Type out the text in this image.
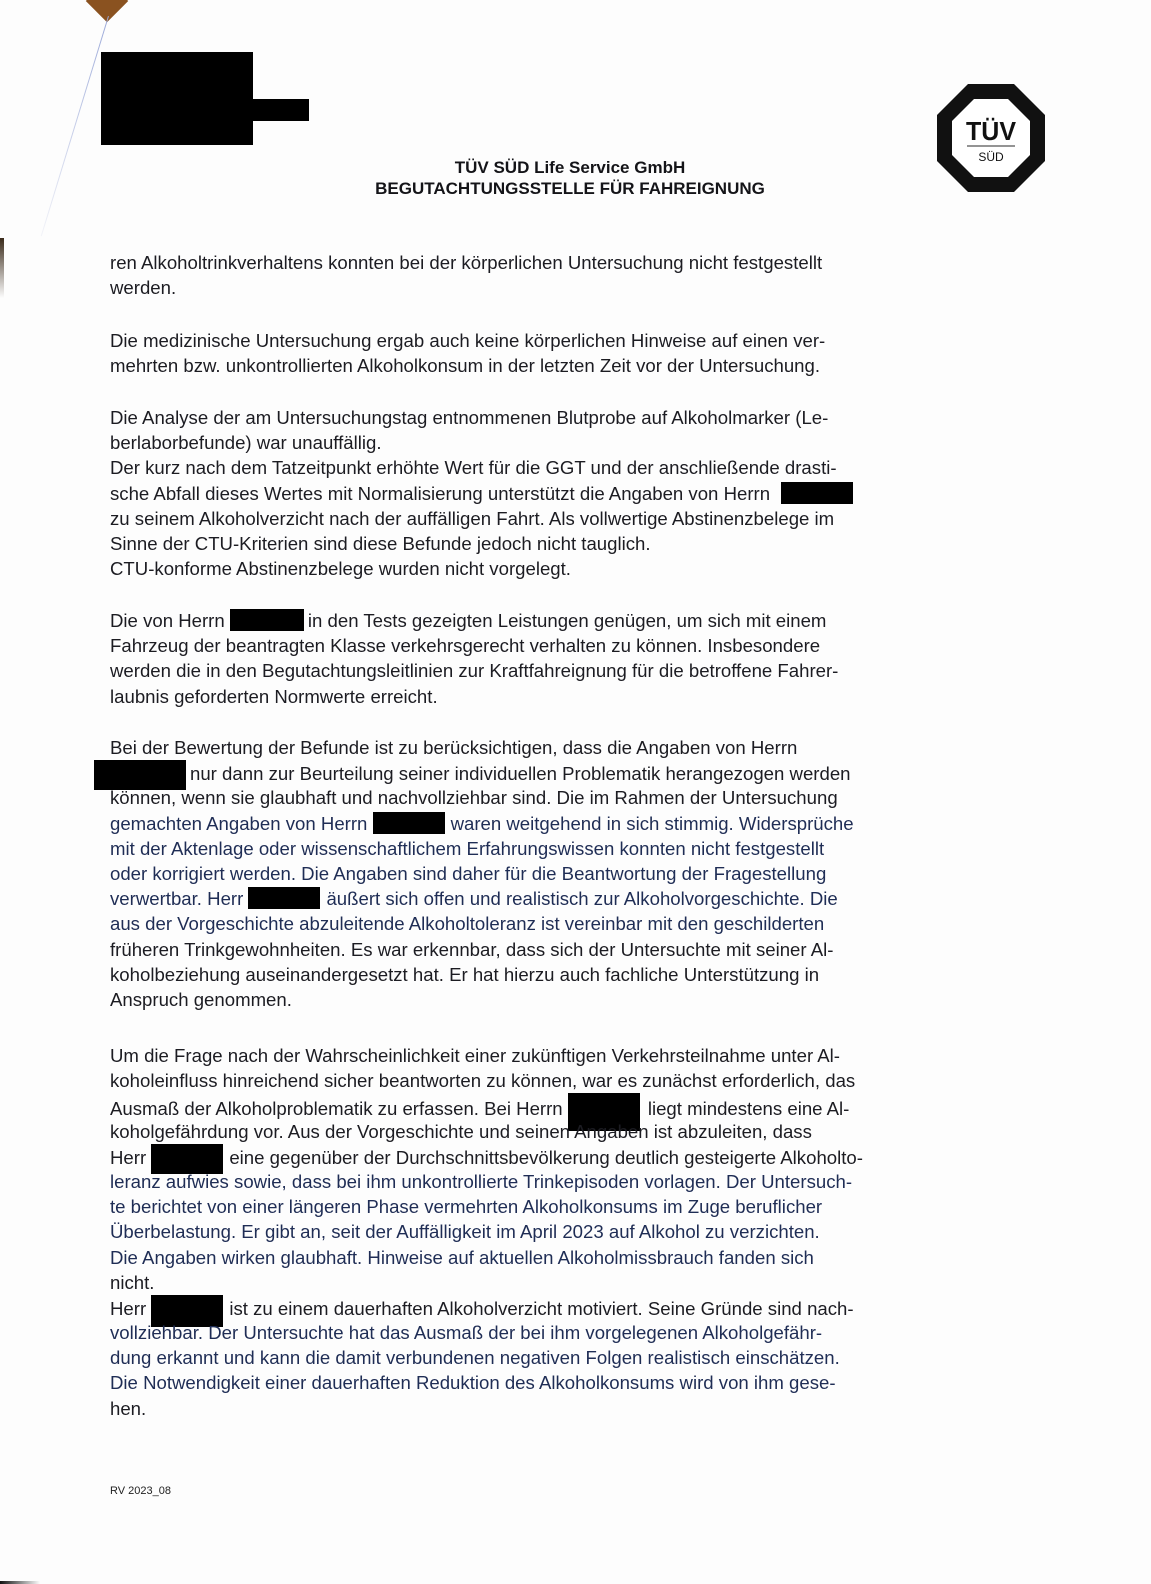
TÜV SÜD Life Service GmbH
BEGUTACHTUNGSSTELLE FÜR FAHREIGNUNG
TÜV
SÜD
ren Alkoholtrinkverhaltens konnten bei der körperlichen Untersuchung nicht festgestellt
werden.
Die medizinische Untersuchung ergab auch keine körperlichen Hinweise auf einen ver-
mehrten bzw. unkontrollierten Alkoholkonsum in der letzten Zeit vor der Untersuchung.
Die Analyse der am Untersuchungstag entnommenen Blutprobe auf Alkoholmarker (Le-
berlaborbefunde) war unauffällig.
Der kurz nach dem Tatzeitpunkt erhöhte Wert für die GGT und der anschließende drasti-
sche Abfall dieses Wertes mit Normalisierung unterstützt die Angaben von Herrn
zu seinem Alkoholverzicht nach der auffälligen Fahrt. Als vollwertige Abstinenzbelege im
Sinne der CTU-Kriterien sind diese Befunde jedoch nicht tauglich.
CTU-konforme Abstinenzbelege wurden nicht vorgelegt.
Die von Herrn	in den Tests gezeigten Leistungen genügen, um sich mit einem
Fahrzeug der beantragten Klasse verkehrsgerecht verhalten zu können. Insbesondere
werden die in den Begutachtungsleitlinien zur Kraftfahreignung für die betroffene Fahrer-
laubnis geforderten Normwerte erreicht.
Bei der Bewertung der Befunde ist zu berücksichtigen, dass die Angaben von Herrn
nur dann zur Beurteilung seiner individuellen Problematik herangezogen werden
können, wenn sie glaubhaft und nachvollziehbar sind. Die im Rahmen der Untersuchung
gemachten Angaben von Herrn	waren weitgehend in sich stimmig. Widersprüche
mit der Aktenlage oder wissenschaftlichem Erfahrungswissen konnten nicht festgestellt
oder korrigiert werden. Die Angaben sind daher für die Beantwortung der Fragestellung
verwertbar. Herr	äußert sich offen und realistisch zur Alkoholvorgeschichte. Die
aus der Vorgeschichte abzuleitende Alkoholtoleranz ist vereinbar mit den geschilderten
früheren Trinkgewohnheiten. Es war erkennbar, dass sich der Untersuchte mit seiner Al-
koholbeziehung auseinandergesetzt hat. Er hat hierzu auch fachliche Unterstützung in
Anspruch genommen.
Um die Frage nach der Wahrscheinlichkeit einer zukünftigen Verkehrsteilnahme unter Al-
koholeinfluss hinreichend sicher beantworten zu können, war es zunächst erforderlich, das
Ausmaß der Alkoholproblematik zu erfassen. Bei Herrn	liegt mindestens eine Al-
koholgefährdung vor. Aus der Vorgeschichte und seinen Angaben ist abzuleiten, dass
Herr	eine gegenüber der Durchschnittsbevölkerung deutlich gesteigerte Alkoholto-
leranz aufwies sowie, dass bei ihm unkontrollierte Trinkepisoden vorlagen. Der Untersuch-
te berichtet von einer längeren Phase vermehrten Alkoholkonsums im Zuge beruflicher
Überbelastung. Er gibt an, seit der Auffälligkeit im April 2023 auf Alkohol zu verzichten.
Die Angaben wirken glaubhaft. Hinweise auf aktuellen Alkoholmissbrauch fanden sich
nicht.
Herr	ist zu einem dauerhaften Alkoholverzicht motiviert. Seine Gründe sind nach-
vollziehbar. Der Untersuchte hat das Ausmaß der bei ihm vorgelegenen Alkoholgefähr-
dung erkannt und kann die damit verbundenen negativen Folgen realistisch einschätzen.
Die Notwendigkeit einer dauerhaften Reduktion des Alkoholkonsums wird von ihm gese-
hen.
RV 2023_08
